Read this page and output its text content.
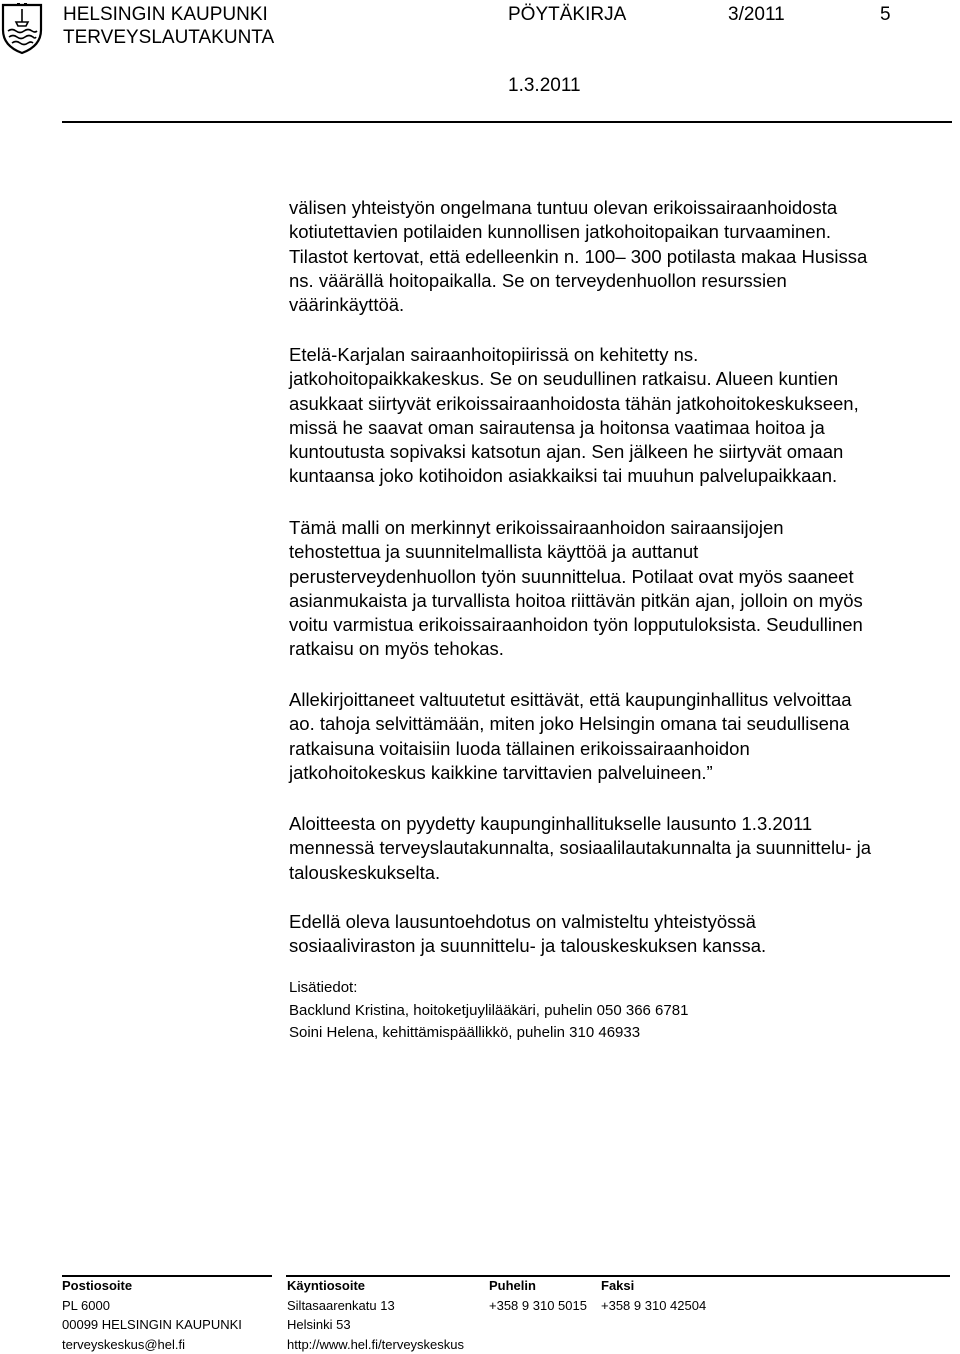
HELSINGIN KAUPUNKI
TERVEYSLAUTAKUNTA
PÖYTÄKIRJA	3/2011	5
1.3.2011

välisen yhteistyön ongelmana tuntuu olevan erikoissairaanhoidosta
kotiutettavien potilaiden kunnollisen jatkohoitopaikan turvaaminen.
Tilastot kertovat, että edelleenkin n. 100– 300 potilasta makaa Husissa
ns. väärällä hoitopaikalla. Se on terveydenhuollon resurssien
väärinkäyttöä.

Etelä-Karjalan sairaanhoitopiirissä on kehitetty ns.
jatkohoitopaikkakeskus. Se on seudullinen ratkaisu. Alueen kuntien
asukkaat siirtyvät erikoissairaanhoidosta tähän jatkohoitokeskukseen,
missä he saavat oman sairautensa ja hoitonsa vaatimaa hoitoa ja
kuntoutusta sopivaksi katsotun ajan. Sen jälkeen he siirtyvät omaan
kuntaansa joko kotihoidon asiakkaiksi tai muuhun palvelupaikkaan.

Tämä malli on merkinnyt erikoissairaanhoidon sairaansijojen
tehostettua ja suunnitelmallista käyttöä ja auttanut
perusterveydenhuollon työn suunnittelua. Potilaat ovat myös saaneet
asianmukaista ja turvallista hoitoa riittävän pitkän ajan, jolloin on myös
voitu varmistua erikoissairaanhoidon työn lopputuloksista. Seudullinen
ratkaisu on myös tehokas.

Allekirjoittaneet valtuutetut esittävät, että kaupunginhallitus velvoittaa
ao. tahoja selvittämään, miten joko Helsingin omana tai seudullisena
ratkaisuna voitaisiin luoda tällainen erikoissairaanhoidon
jatkohoitokeskus kaikkine tarvittavien palveluineen.”

Aloitteesta on pyydetty kaupunginhallitukselle lausunto 1.3.2011
mennessä terveyslautakunnalta, sosiaalilautakunnalta ja suunnittelu- ja
talouskeskukselta.

Edellä oleva lausuntoehdotus on valmisteltu yhteistyössä
sosiaaliviraston ja suunnittelu- ja talouskeskuksen kanssa.

Lisätiedot:

Backlund Kristina, hoitoketjuylilääkäri, puhelin 050 366 6781

Soini Helena, kehittämispäällikkö, puhelin 310 46933

Postiosoite
PL 6000
00099 HELSINGIN KAUPUNKI
terveyskeskus@hel.fi
Käyntiosoite
Siltasaarenkatu 13
Helsinki 53
http://www.hel.fi/terveyskeskus
Puhelin
+358 9 310 5015
Faksi
+358 9 310 42504
